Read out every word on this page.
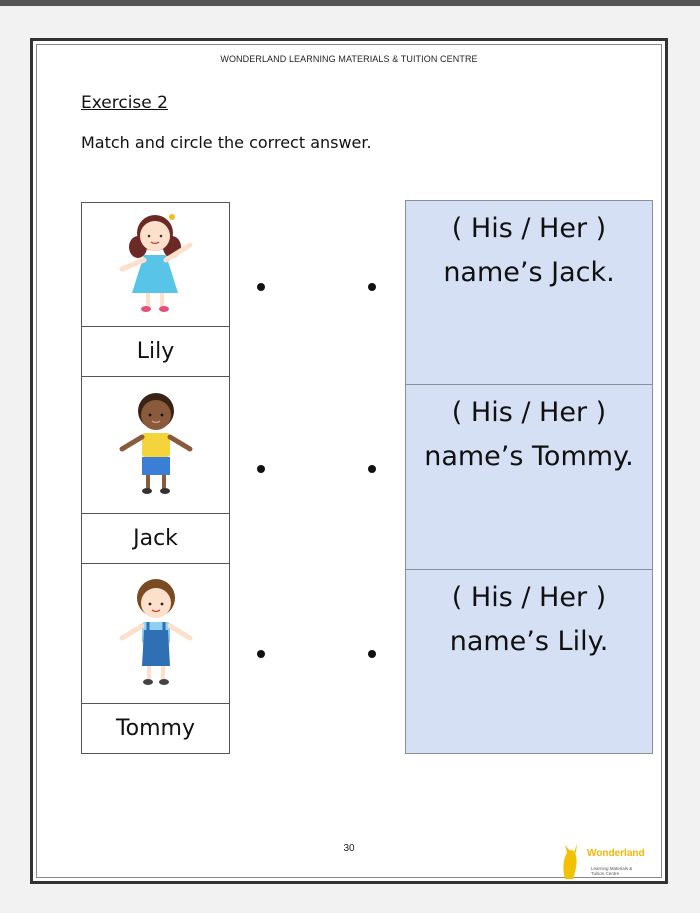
WONDERLAND LEARNING MATERIALS & TUITION CENTRE
Exercise 2
Match and circle the correct answer.
Lily
Jack
Tommy
( His / Her )
name’s Jack.
( His / Her )
name’s Tommy.
( His / Her )
name’s Lily.
30	Wonderland
Learning Materials &
Tuition Centre
